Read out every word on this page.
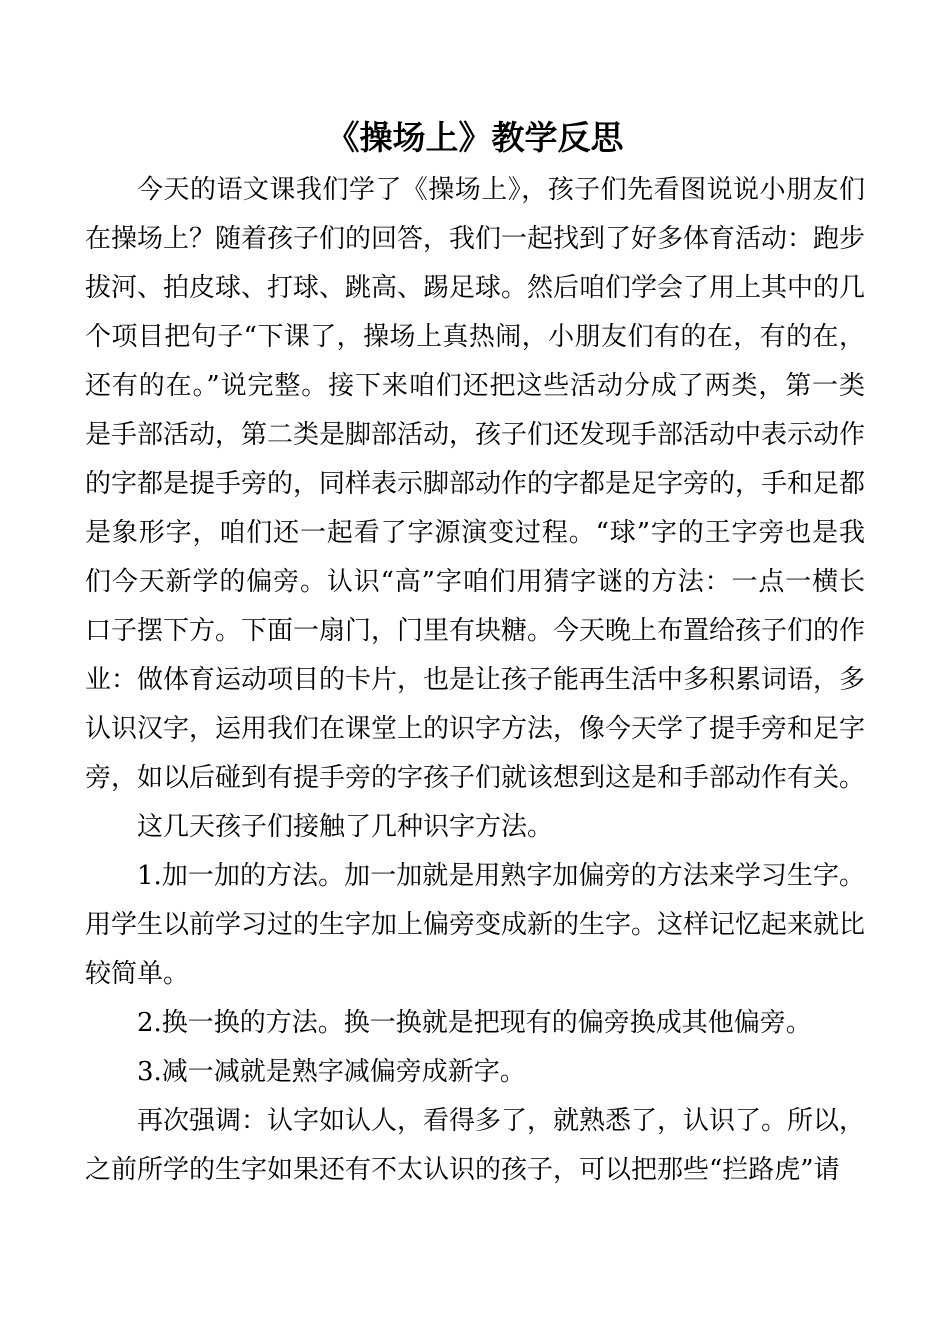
《操场上》教学反思

今天的语文课我们学了《操场上》，孩子们先看图说说小朋友们在操场上？随着孩子们的回答，我们一起找到了好多体育活动：跑步拔河、拍皮球、打球、跳高、踢足球。然后咱们学会了用上其中的几个项目把句子“下课了，操场上真热闹，小朋友们有的在，有的在，还有的在。”说完整。接下来咱们还把这些活动分成了两类，第一类是手部活动，第二类是脚部活动，孩子们还发现手部活动中表示动作的字都是提手旁的，同样表示脚部动作的字都是足字旁的，手和足都是象形字，咱们还一起看了字源演变过程。“球”字的王字旁也是我们今天新学的偏旁。认识“高”字咱们用猜字谜的方法：一点一横长口子摆下方。下面一扇门，门里有块糖。今天晚上布置给孩子们的作业：做体育运动项目的卡片，也是让孩子能再生活中多积累词语，多认识汉字，运用我们在课堂上的识字方法，像今天学了提手旁和足字旁，如以后碰到有提手旁的字孩子们就该想到这是和手部动作有关。

这几天孩子们接触了几种识字方法。

1.加一加的方法。加一加就是用熟字加偏旁的方法来学习生字。用学生以前学习过的生字加上偏旁变成新的生字。这样记忆起来就比较简单。

2.换一换的方法。换一换就是把现有的偏旁换成其他偏旁。

3.减一减就是熟字减偏旁成新字。

再次强调：认字如认人，看得多了，就熟悉了，认识了。所以，之前所学的生字如果还有不太认识的孩子，可以把那些“拦路虎”请
